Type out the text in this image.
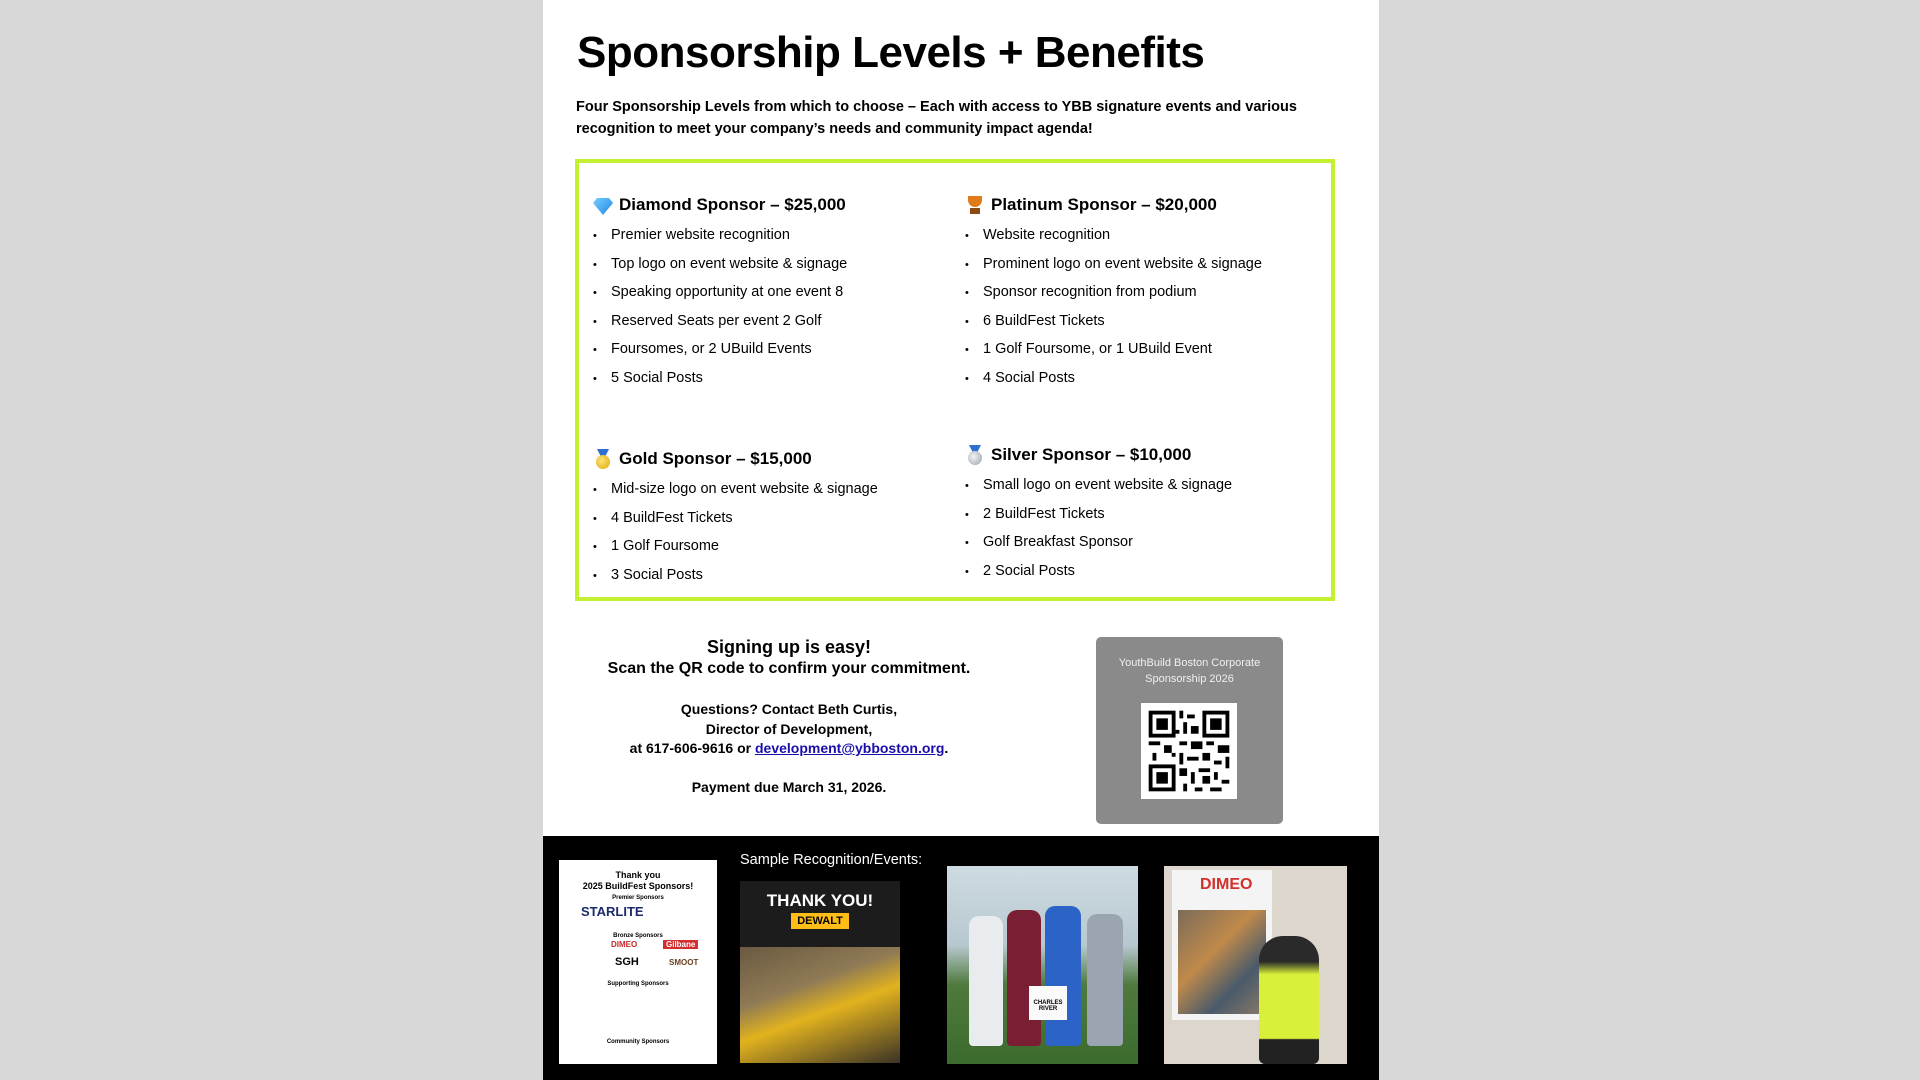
Sponsorship Levels + Benefits
Four Sponsorship Levels from which to choose – Each with access to YBB signature events and various recognition to meet your company’s needs and community impact agenda!
Diamond Sponsor – $25,000
• Premier website recognition
• Top logo on event website & signage
• Speaking opportunity at one event 8
• Reserved Seats per event 2 Golf
• Foursomes, or 2 UBuild Events
• 5 Social Posts
Platinum Sponsor – $20,000
• Website recognition
• Prominent logo on event website & signage
• Sponsor recognition from podium
• 6 BuildFest Tickets
• 1 Golf Foursome, or 1 UBuild Event
• 4 Social Posts
Gold Sponsor – $15,000
• Mid-size logo on event website & signage
• 4 BuildFest Tickets
• 1 Golf Foursome
• 3 Social Posts
Silver Sponsor – $10,000
• Small logo on event website & signage
• 2 BuildFest Tickets
• Golf Breakfast Sponsor
• 2 Social Posts
Signing up is easy!
Scan the QR code to confirm your commitment.
Questions? Contact Beth Curtis,
Director of Development,
at 617-606-9616 or development@ybboston.org.
Payment due March 31, 2026.
YouthBuild Boston Corporate Sponsorship 2026
Sample Recognition/Events:
Thank you
2025 BuildFest Sponsors!
Premier Sponsors
STARLITE
Bronze Sponsors
DIMEO	Gilbane
SGH	SMOOT
Supporting Sponsors
Community Sponsors
THANK YOU!
DEWALT
CHARLES RIVER
DIMEO
